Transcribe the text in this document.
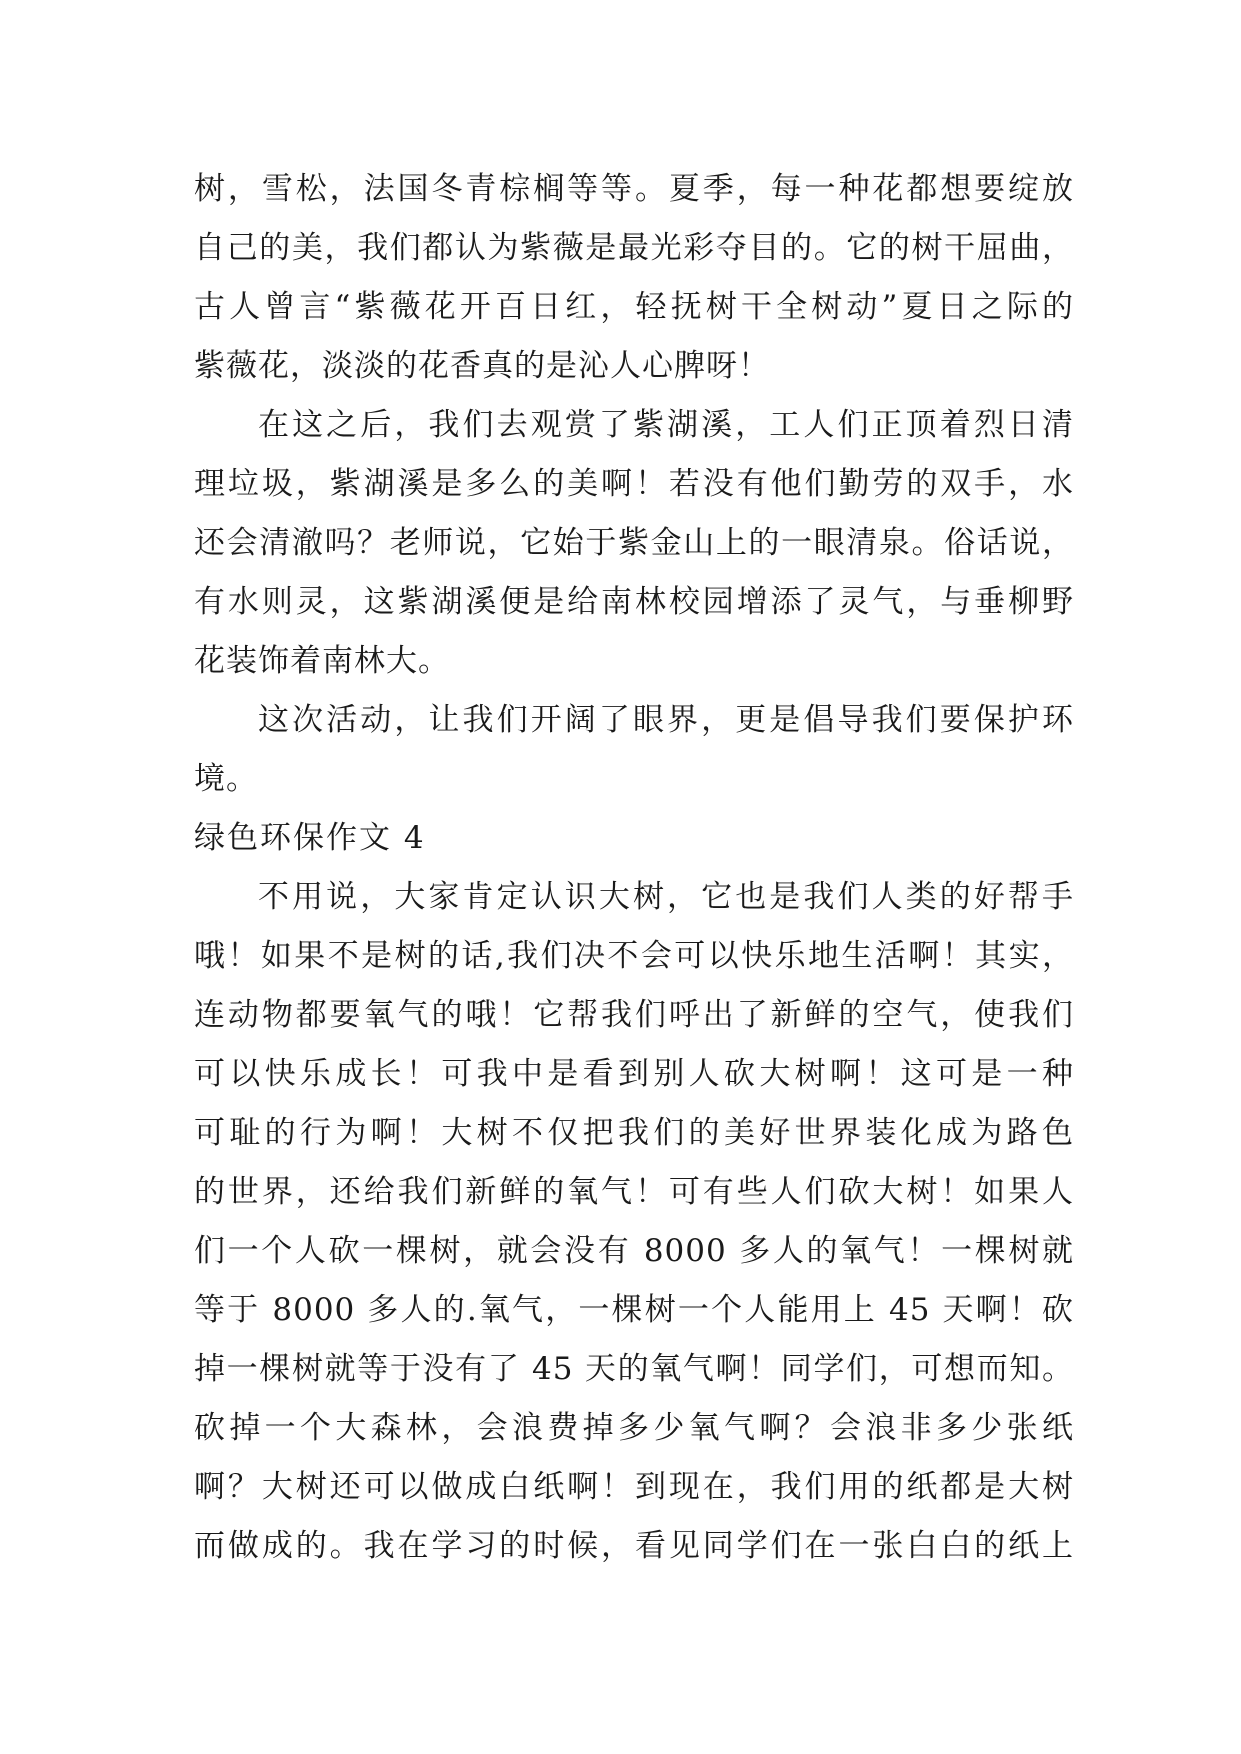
树，雪松，法国冬青棕榈等等。夏季，每一种花都想要绽放
自己的美，我们都认为紫薇是最光彩夺目的。它的树干屈曲，
古人曾言“紫薇花开百日红，轻抚树干全树动”夏日之际的
紫薇花，淡淡的花香真的是沁人心脾呀！
在这之后，我们去观赏了紫湖溪，工人们正顶着烈日清
理垃圾，紫湖溪是多么的美啊！若没有他们勤劳的双手，水
还会清澈吗？老师说，它始于紫金山上的一眼清泉。俗话说，
有水则灵，这紫湖溪便是给南林校园增添了灵气，与垂柳野
花装饰着南林大。
这次活动，让我们开阔了眼界，更是倡导我们要保护环
境。
绿色环保作文 4
不用说，大家肯定认识大树，它也是我们人类的好帮手
哦！如果不是树的话,我们决不会可以快乐地生活啊！其实，
连动物都要氧气的哦！它帮我们呼出了新鲜的空气，使我们
可以快乐成长！可我中是看到别人砍大树啊！这可是一种
可耻的行为啊！大树不仅把我们的美好世界装化成为路色
的世界，还给我们新鲜的氧气！可有些人们砍大树！如果人
们一个人砍一棵树，就会没有 8000 多人的氧气！一棵树就
等于 8000 多人的.氧气，一棵树一个人能用上 45 天啊！砍
掉一棵树就等于没有了 45 天的氧气啊！同学们，可想而知。
砍掉一个大森林，会浪费掉多少氧气啊？会浪非多少张纸
啊？大树还可以做成白纸啊！到现在，我们用的纸都是大树
而做成的。我在学习的时候，看见同学们在一张白白的纸上
